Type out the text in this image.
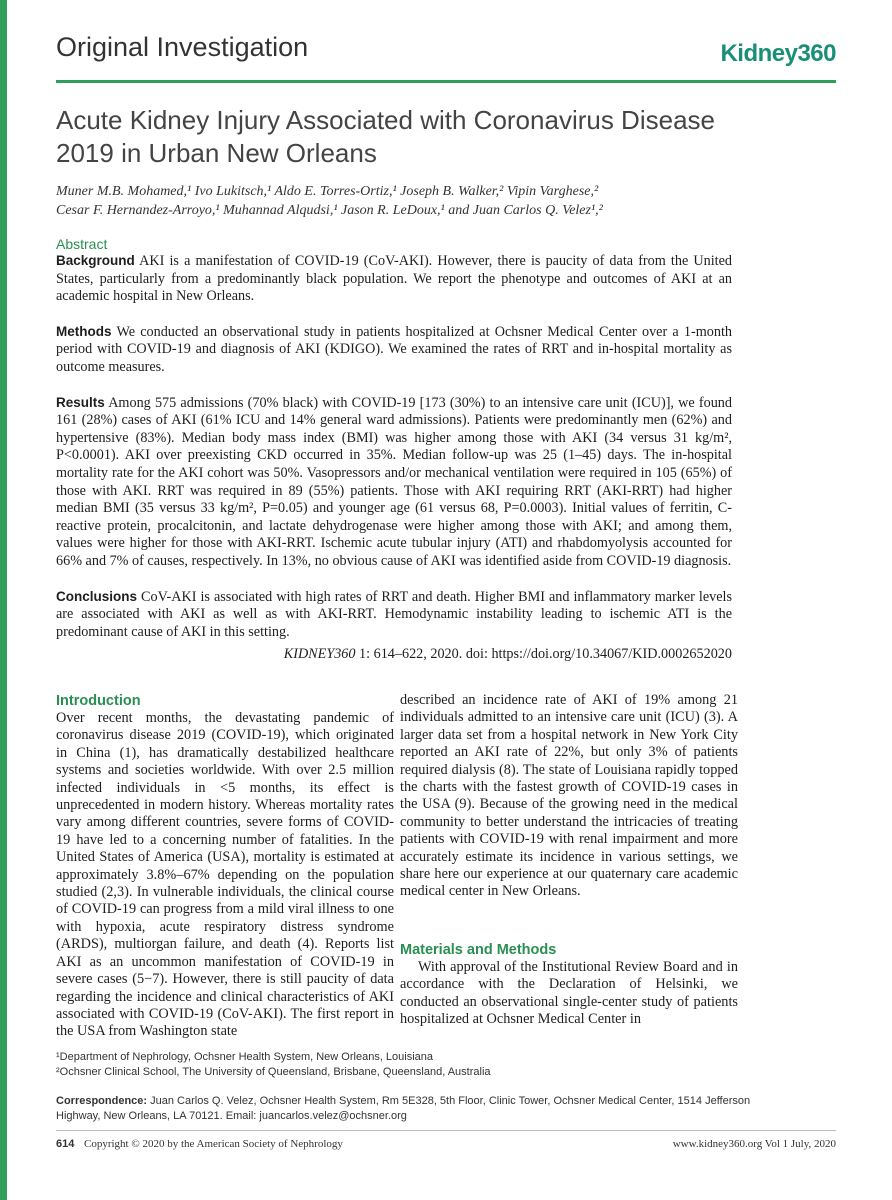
Original Investigation	Kidney360
Acute Kidney Injury Associated with Coronavirus Disease 2019 in Urban New Orleans
Muner M.B. Mohamed,¹ Ivo Lukitsch,¹ Aldo E. Torres-Ortiz,¹ Joseph B. Walker,² Vipin Varghese,²
Cesar F. Hernandez-Arroyo,¹ Muhannad Alqudsi,¹ Jason R. LeDoux,¹ and Juan Carlos Q. Velez¹,²
Abstract

Background AKI is a manifestation of COVID-19 (CoV-AKI). However, there is paucity of data from the United States, particularly from a predominantly black population. We report the phenotype and outcomes of AKI at an academic hospital in New Orleans.

Methods We conducted an observational study in patients hospitalized at Ochsner Medical Center over a 1-month period with COVID-19 and diagnosis of AKI (KDIGO). We examined the rates of RRT and in-hospital mortality as outcome measures.

Results Among 575 admissions (70% black) with COVID-19 [173 (30%) to an intensive care unit (ICU)], we found 161 (28%) cases of AKI (61% ICU and 14% general ward admissions). Patients were predominantly men (62%) and hypertensive (83%). Median body mass index (BMI) was higher among those with AKI (34 versus 31 kg/m², P<0.0001). AKI over preexisting CKD occurred in 35%. Median follow-up was 25 (1–45) days. The in-hospital mortality rate for the AKI cohort was 50%. Vasopressors and/or mechanical ventilation were required in 105 (65%) of those with AKI. RRT was required in 89 (55%) patients. Those with AKI requiring RRT (AKI-RRT) had higher median BMI (35 versus 33 kg/m², P=0.05) and younger age (61 versus 68, P=0.0003). Initial values of ferritin, C-reactive protein, procalcitonin, and lactate dehydrogenase were higher among those with AKI; and among them, values were higher for those with AKI-RRT. Ischemic acute tubular injury (ATI) and rhabdomyolysis accounted for 66% and 7% of causes, respectively. In 13%, no obvious cause of AKI was identified aside from COVID-19 diagnosis.

Conclusions CoV-AKI is associated with high rates of RRT and death. Higher BMI and inflammatory marker levels are associated with AKI as well as with AKI-RRT. Hemodynamic instability leading to ischemic ATI is the predominant cause of AKI in this setting.

KIDNEY360 1: 614–622, 2020. doi: https://doi.org/10.34067/KID.0002652020

Introduction

Over recent months, the devastating pandemic of coronavirus disease 2019 (COVID-19), which originated in China (1), has dramatically destabilized healthcare systems and societies worldwide. With over 2.5 million infected individuals in <5 months, its effect is unprecedented in modern history. Whereas mortality rates vary among different countries, severe forms of COVID-19 have led to a concerning number of fatalities. In the United States of America (USA), mortality is estimated at approximately 3.8%–67% depending on the population studied (2,3). In vulnerable individuals, the clinical course of COVID-19 can progress from a mild viral illness to one with hypoxia, acute respiratory distress syndrome (ARDS), multiorgan failure, and death (4). Reports list AKI as an uncommon manifestation of COVID-19 in severe cases (5−7). However, there is still paucity of data regarding the incidence and clinical characteristics of AKI associated with COVID-19 (CoV-AKI). The first report in the USA from Washington state

described an incidence rate of AKI of 19% among 21 individuals admitted to an intensive care unit (ICU) (3). A larger data set from a hospital network in New York City reported an AKI rate of 22%, but only 3% of patients required dialysis (8). The state of Louisiana rapidly topped the charts with the fastest growth of COVID-19 cases in the USA (9). Because of the growing need in the medical community to better understand the intricacies of treating patients with COVID-19 with renal impairment and more accurately estimate its incidence in various settings, we share here our experience at our quaternary care academic medical center in New Orleans.

Materials and Methods

With approval of the Institutional Review Board and in accordance with the Declaration of Helsinki, we conducted an observational single-center study of patients hospitalized at Ochsner Medical Center in

¹Department of Nephrology, Ochsner Health System, New Orleans, Louisiana
²Ochsner Clinical School, The University of Queensland, Brisbane, Queensland, Australia

Correspondence: Juan Carlos Q. Velez, Ochsner Health System, Rm 5E328, 5th Floor, Clinic Tower, Ochsner Medical Center, 1514 Jefferson Highway, New Orleans, LA 70121. Email: juancarlos.velez@ochsner.org

614 Copyright © 2020 by the American Society of Nephrology	www.kidney360.org Vol 1 July, 2020
